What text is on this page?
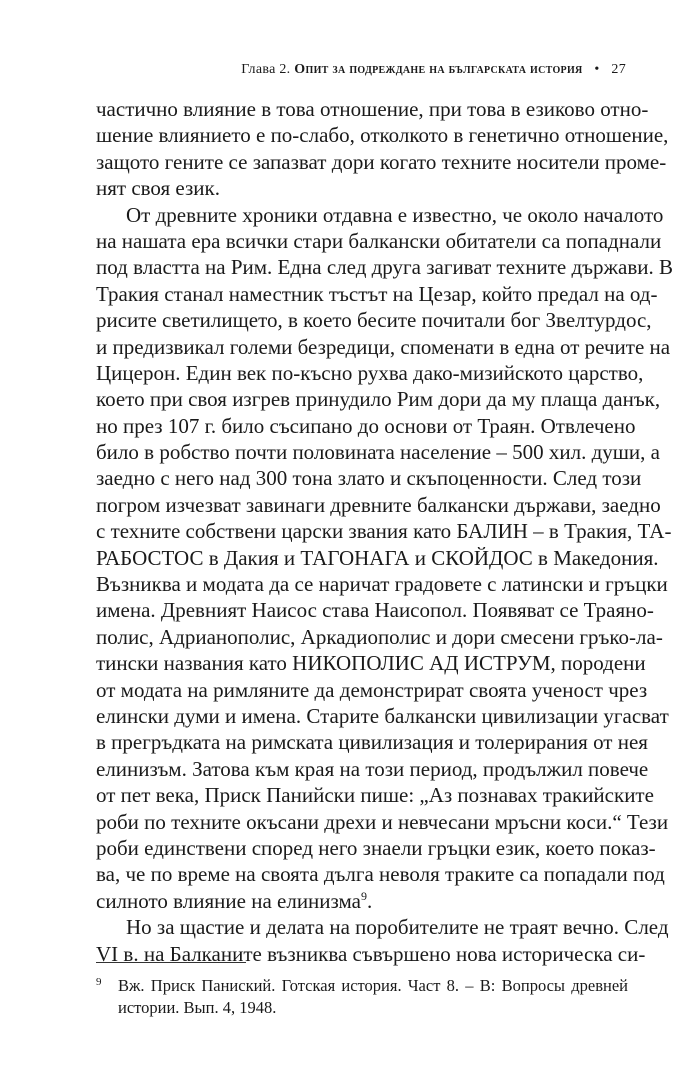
Глава 2. Опит за подреждане на българската история • 27
частично влияние в това отношение, при това в езиково отно-
шение влиянието е по-слабо, отколкото в генетично отношение,
защото гените се запазват дори когато техните носители проме-
нят своя език.
От древните хроники отдавна е известно, че около началото
на нашата ера всички стари балкански обитатели са попаднали
под властта на Рим. Една след друга загиват техните държави. В
Тракия станал наместник тъстът на Цезар, който предал на од-
рисите светилището, в което бесите почитали бог Звелтурдос,
и предизвикал големи безредици, споменати в една от речите на
Цицерон. Един век по-късно рухва дако-мизийското царство,
което при своя изгрев принудило Рим дори да му плаща данък,
но през 107 г. било съсипано до основи от Траян. Отвлечено
било в робство почти половината население – 500 хил. души, а
заедно с него над 300 тона злато и скъпоценности. След този
погром изчезват завинаги древните балкански държави, заедно
с техните собствени царски звания като БАЛИН – в Тракия, ТА-
РАБОСТОС в Дакия и ТАГОНАГА и СКОЙДОС в Македония.
Възниква и модата да се наричат градовете с латински и гръцки
имена. Древният Наисос става Наисопол. Появяват се Траяно-
полис, Адрианополис, Аркадиополис и дори смесени гръко-ла-
тински названия като НИКОПОЛИС АД ИСТРУМ, породени
от модата на римляните да демонстрират своята ученост чрез
елински думи и имена. Старите балкански цивилизации угасват
в прегръдката на римската цивилизация и толерирания от нея
елинизъм. Затова към края на този период, продължил повече
от пет века, Приск Панийски пише: „Аз познавах тракийските
роби по техните окъсани дрехи и невчесани мръсни коси.“ Тези
роби единствени според него знаели гръцки език, което показ-
ва, че по време на своята дълга неволя траките са попадали под
силното влияние на елинизма$^9$.
Но за щастие и делата на поробителите не траят вечно. След
VI в. на Балканите възниква съвършено нова историческа си-
9 Вж. Приск Паниский. Готская история. Част 8. – В: Вопросы древней
истории. Вып. 4, 1948.
